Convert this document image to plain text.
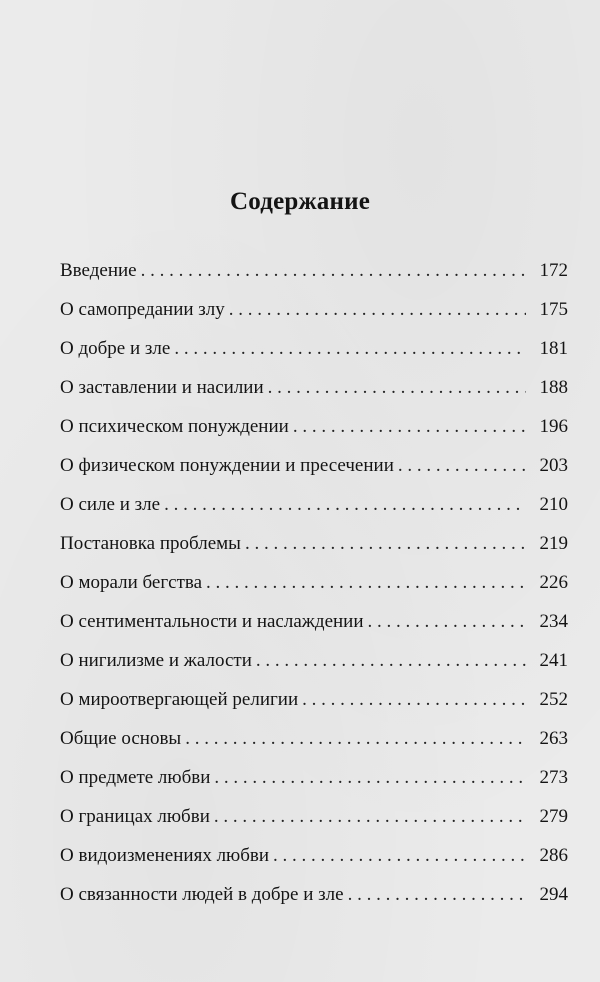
Содержание
Введение . . .	172
О самопредании злу . . .	175
О добре и зле . . .	181
О заставлении и насилии . . .	188
О психическом понуждении . . .	196
О физическом понуждении и пресечении . . .	203
О силе и зле . . .	210
Постановка проблемы . . .	219
О морали бегства . . .	226
О сентиментальности и наслаждении . . .	234
О нигилизме и жалости . . .	241
О мироотвергающей религии . . .	252
Общие основы . . .	263
О предмете любви . . .	273
О границах любви . . .	279
О видоизменениях любви . . .	286
О связанности людей в добре и зле . . .	294
